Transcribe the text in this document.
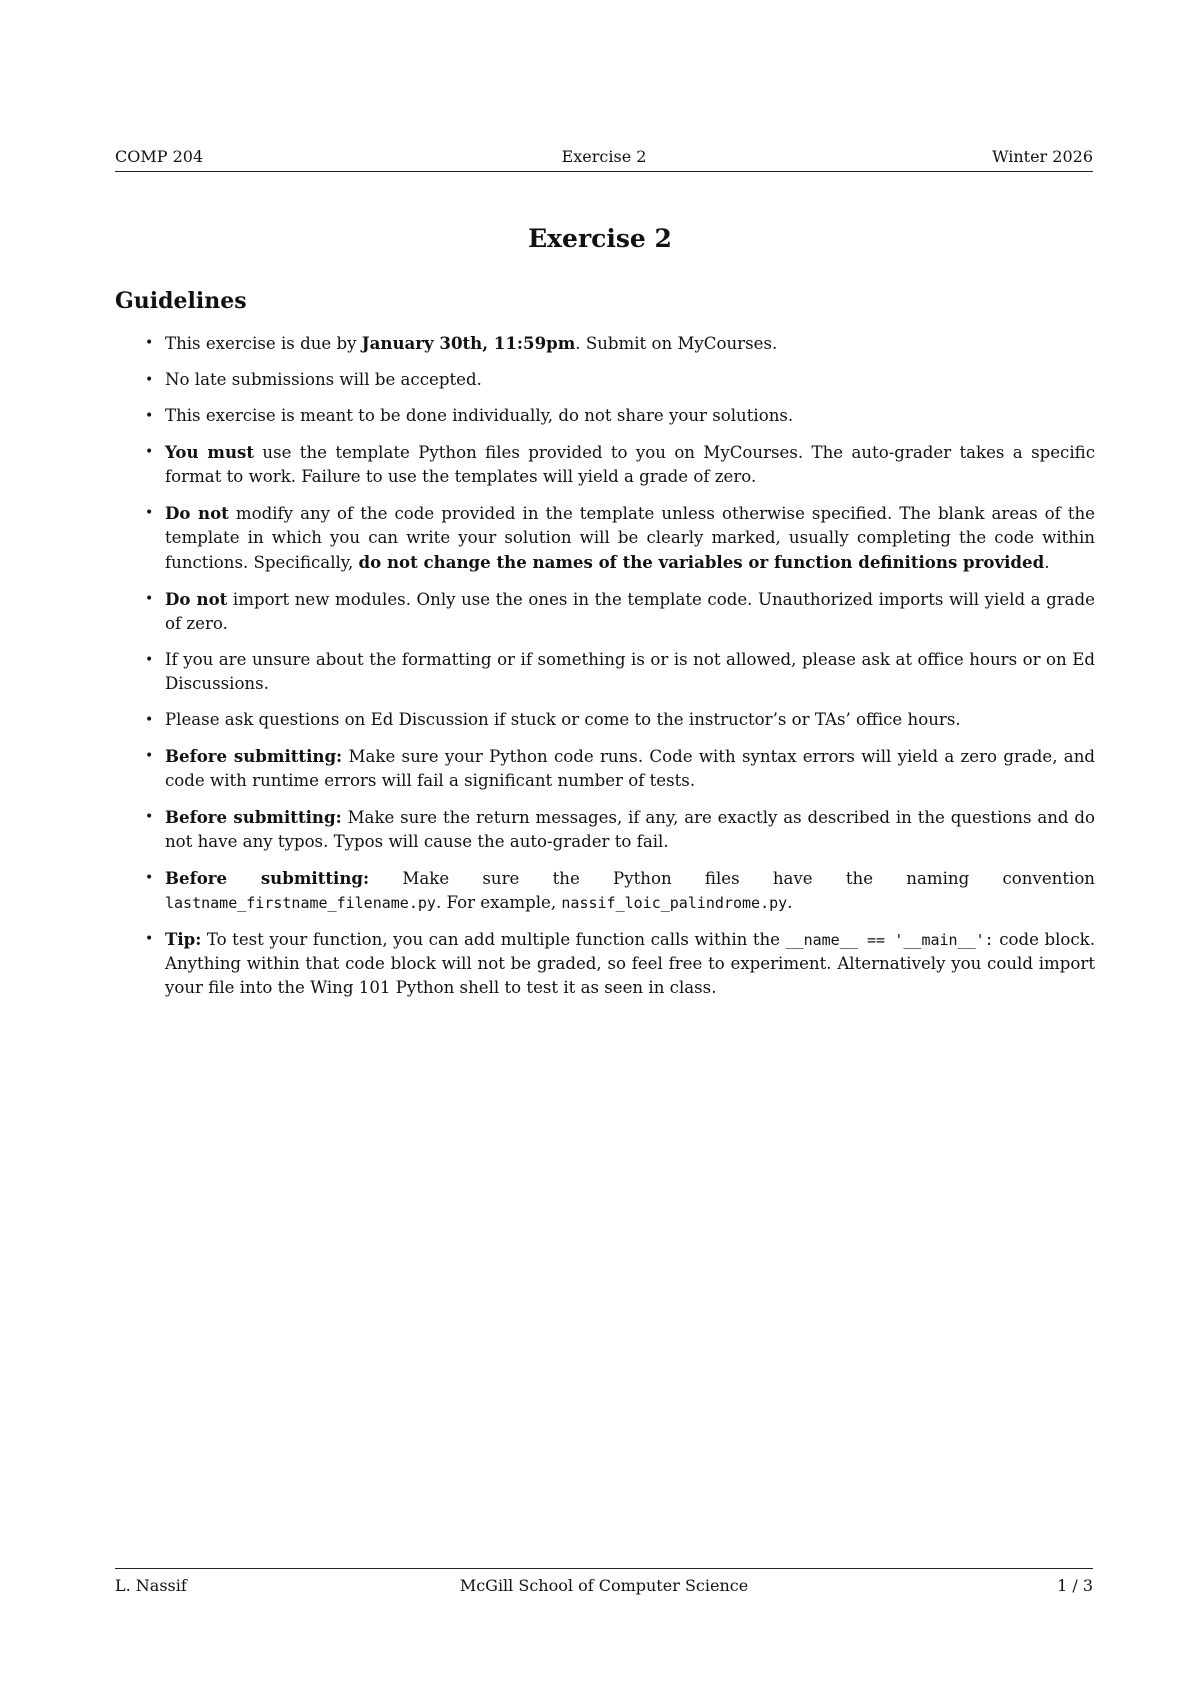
COMP 204	Exercise 2	Winter 2026
Exercise 2
Guidelines
• This exercise is due by January 30th, 11:59pm. Submit on MyCourses.
• No late submissions will be accepted.
• This exercise is meant to be done individually, do not share your solutions.
• You must use the template Python files provided to you on MyCourses. The auto-grader takes a specific format to work. Failure to use the templates will yield a grade of zero.
• Do not modify any of the code provided in the template unless otherwise specified. The blank areas of the template in which you can write your solution will be clearly marked, usually completing the code within functions. Specifically, do not change the names of the variables or function definitions provided.
• Do not import new modules. Only use the ones in the template code. Unauthorized imports will yield a grade of zero.
• If you are unsure about the formatting or if something is or is not allowed, please ask at office hours or on Ed Discussions.
• Please ask questions on Ed Discussion if stuck or come to the instructor’s or TAs’ office hours.
• Before submitting: Make sure your Python code runs. Code with syntax errors will yield a zero grade, and code with runtime errors will fail a significant number of tests.
• Before submitting: Make sure the return messages, if any, are exactly as described in the questions and do not have any typos. Typos will cause the auto-grader to fail.
• Before submitting: Make sure the Python files have the naming convention lastname_firstname_filename.py. For example, nassif_loic_palindrome.py.
• Tip: To test your function, you can add multiple function calls within the __name__ == '__main__': code block. Anything within that code block will not be graded, so feel free to experiment. Alternatively you could import your file into the Wing 101 Python shell to test it as seen in class.
L. Nassif	McGill School of Computer Science	1 / 3
